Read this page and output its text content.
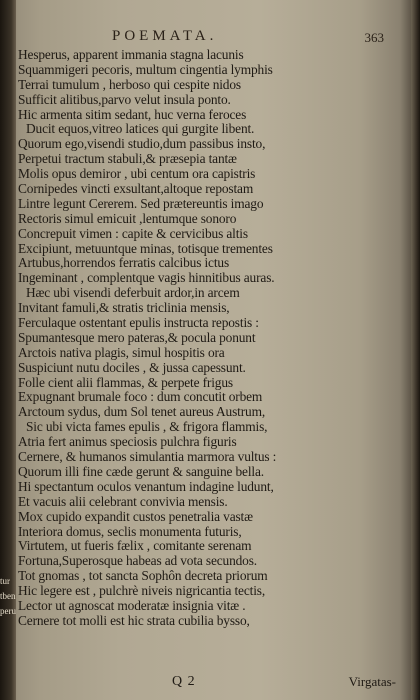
POEMATA.	363
Hesperus, apparent immania stagna lacunis
Squammigeri pecoris, multum cingentia lymphis
Terrai tumulum , herboso qui cespite nidos
Sufficit alitibus,parvo velut insula ponto.
Hic armenta sitim sedant, huc verna feroces
Ducit equos,vitreo latices qui gurgite libent.
Quorum ego,visendi studio,dum passibus insto,
Perpetui tractum stabuli,& præsepia tantæ
Molis opus demiror , ubi centum ora capistris
Cornipedes vincti exsultant,altoque repostam
Lintre legunt Cererem. Sed prætereuntis imago
Rectoris simul emicuit ,lentumque sonoro
Concrepuit vimen : capite & cervicibus altis
Excipiunt, metuuntque minas, totisque trementes
Artubus,horrendos ferratis calcibus ictus
Ingeminant , complentque vagis hinnitibus auras.
Hæc ubi visendi deferbuit ardor,in arcem
Invitant famuli,& stratis triclinia mensis,
Ferculaque ostentant epulis instructa repostis :
Spumantesque mero pateras,& pocula ponunt
Arctois nativa plagis, simul hospitis ora
Suspiciunt nutu dociles , & jussa capessunt.
Folle cient alii flammas, & perpete frigus
Expugnant brumale foco : dum concutit orbem
Arctoum sydus, dum Sol tenet aureus Austrum,
Sic ubi victa fames epulis , & frigora flammis,
Atria fert animus speciosis pulchra figuris
Cernere, & humanos simulantia marmora vultus :
Quorum illi fine cæde gerunt & sanguine bella.
Hi spectantum oculos venantum indagine ludunt,
Et vacuis alii celebrant convivia mensis.
Mox cupido expandit custos penetralia vastæ
Interiora domus, seclis monumenta futuris,
Virtutem, ut fueris fælix , comitante serenam
Fortuna,Superosque habeas ad vota secundos.
Tot gnomas , tot sancta Sophôn decreta priorum
Hic legere est , pulchrè niveis nigricantia tectis,
Lector ut agnoscat moderatæ insignia vitæ .
Cernere tot molli est hic strata cubilia bysso,
tur
tben
peru
Q 2	Virgatas-
